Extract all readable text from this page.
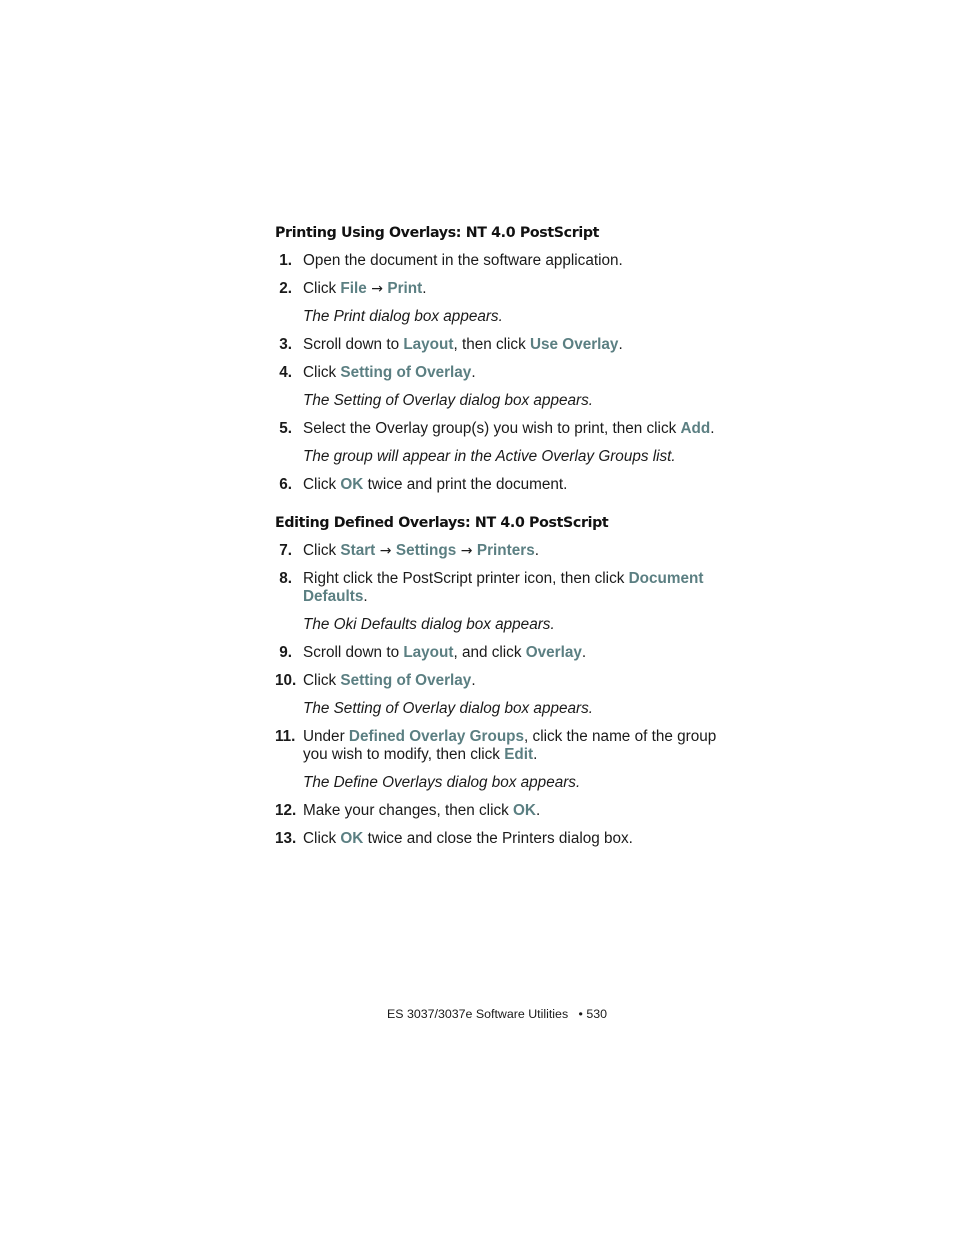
Printing Using Overlays: NT 4.0 PostScript
1. Open the document in the software application.
2. Click File → Print.
The Print dialog box appears.
3. Scroll down to Layout, then click Use Overlay.
4. Click Setting of Overlay.
The Setting of Overlay dialog box appears.
5. Select the Overlay group(s) you wish to print, then click Add.
The group will appear in the Active Overlay Groups list.
6. Click OK twice and print the document.
Editing Defined Overlays: NT 4.0 PostScript
7. Click Start → Settings → Printers.
8. Right click the PostScript printer icon, then click Document Defaults.
The Oki Defaults dialog box appears.
9. Scroll down to Layout, and click Overlay.
10. Click Setting of Overlay.
The Setting of Overlay dialog box appears.
11. Under Defined Overlay Groups, click the name of the group you wish to modify, then click Edit.
The Define Overlays dialog box appears.
12. Make your changes, then click OK.
13. Click OK twice and close the Printers dialog box.
ES 3037/3037e Software Utilities • 530
